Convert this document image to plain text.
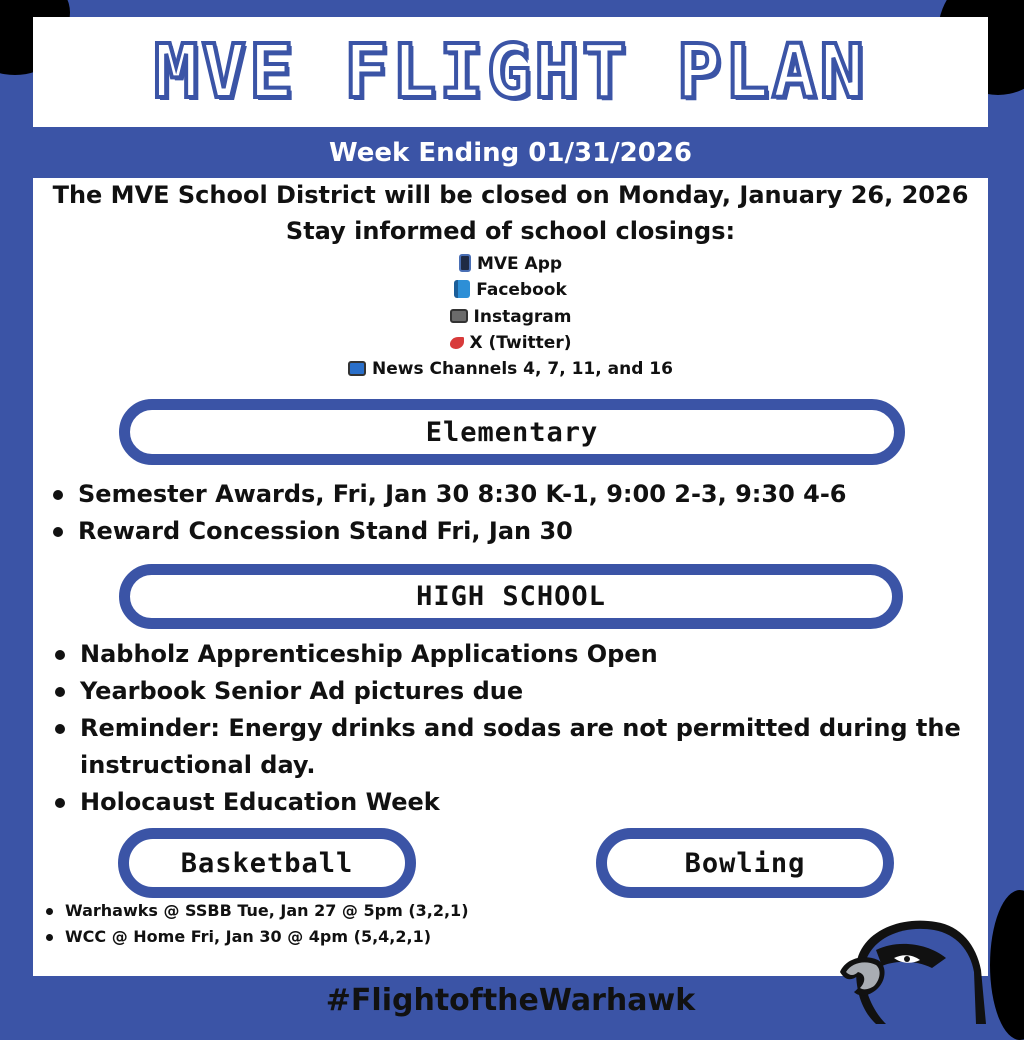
MVE FLIGHT PLAN
Week Ending 01/31/2026
The MVE School District will be closed on Monday, January 26, 2026
Stay informed of school closings:
MVE App
Facebook
Instagram
X (Twitter)
News Channels 4, 7, 11, and 16
Elementary
Semester Awards, Fri, Jan 30 8:30 K-1, 9:00 2-3, 9:30 4-6
Reward Concession Stand Fri, Jan 30
HIGH SCHOOL
Nabholz Apprenticeship Applications Open
Yearbook Senior Ad pictures due
Reminder: Energy drinks and sodas are not permitted during the instructional day.
Holocaust Education Week
Basketball	Bowling
Warhawks @ SSBB Tue, Jan 27 @ 5pm (3,2,1)
WCC @ Home Fri, Jan 30 @ 4pm (5,4,2,1)
#FlightoftheWarhawk
